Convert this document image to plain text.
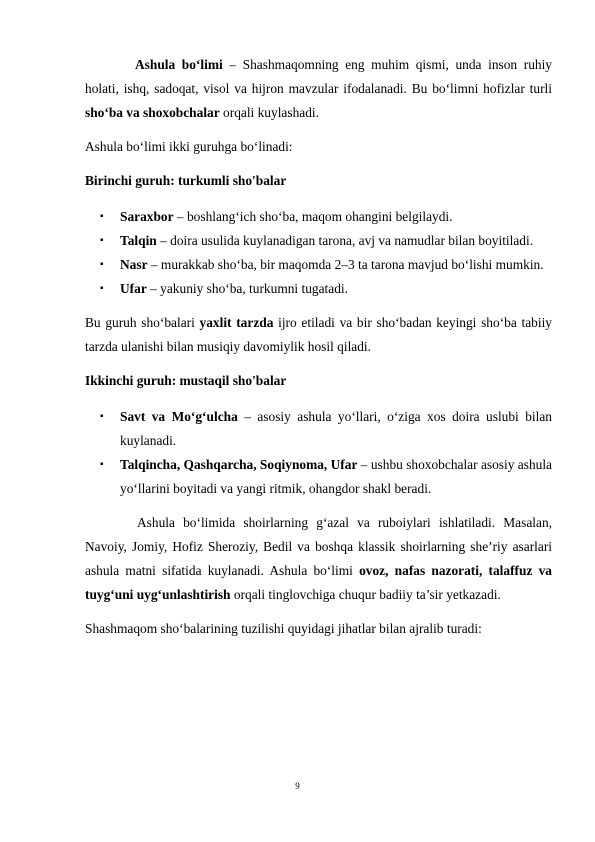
Ashula bo‘limi – Shashmaqomning eng muhim qismi, unda inson ruhiy holati, ishq, sadoqat, visol va hijron mavzular ifodalanadi. Bu bo‘limni hofizlar turli sho‘ba va shoxobchalar orqali kuylashadi.

Ashula bo‘limi ikki guruhga bo‘linadi:

Birinchi guruh: turkumli sho'balar

▪ Saraxbor – boshlang‘ich sho‘ba, maqom ohangini belgilaydi.
▪ Talqin – doira usulida kuylanadigan tarona, avj va namudlar bilan boyitiladi.
▪ Nasr – murakkab sho‘ba, bir maqomda 2–3 ta tarona mavjud bo‘lishi mumkin.
▪ Ufar – yakuniy sho‘ba, turkumni tugatadi.

Bu guruh sho‘balari yaxlit tarzda ijro etiladi va bir sho‘badan keyingi sho‘ba tabiiy tarzda ulanishi bilan musiqiy davomiylik hosil qiladi.

Ikkinchi guruh: mustaqil sho'balar

▪ Savt va Mo‘g‘ulcha – asosiy ashula yo‘llari, o‘ziga xos doira uslubi bilan kuylanadi.
▪ Talqincha, Qashqarcha, Soqiynoma, Ufar – ushbu shoxobchalar asosiy ashula yo‘llarini boyitadi va yangi ritmik, ohangdor shakl beradi.

Ashula bo‘limida shoirlarning g‘azal va ruboiylari ishlatiladi. Masalan, Navoiy, Jomiy, Hofiz Sheroziy, Bedil va boshqa klassik shoirlarning she’riy asarlari ashula matni sifatida kuylanadi. Ashula bo‘limi ovoz, nafas nazorati, talaffuz va tuyg‘uni uyg‘unlashtirish orqali tinglovchiga chuqur badiiy ta’sir yetkazadi.

Shashmaqom sho‘balarining tuzilishi quyidagi jihatlar bilan ajralib turadi:

9
